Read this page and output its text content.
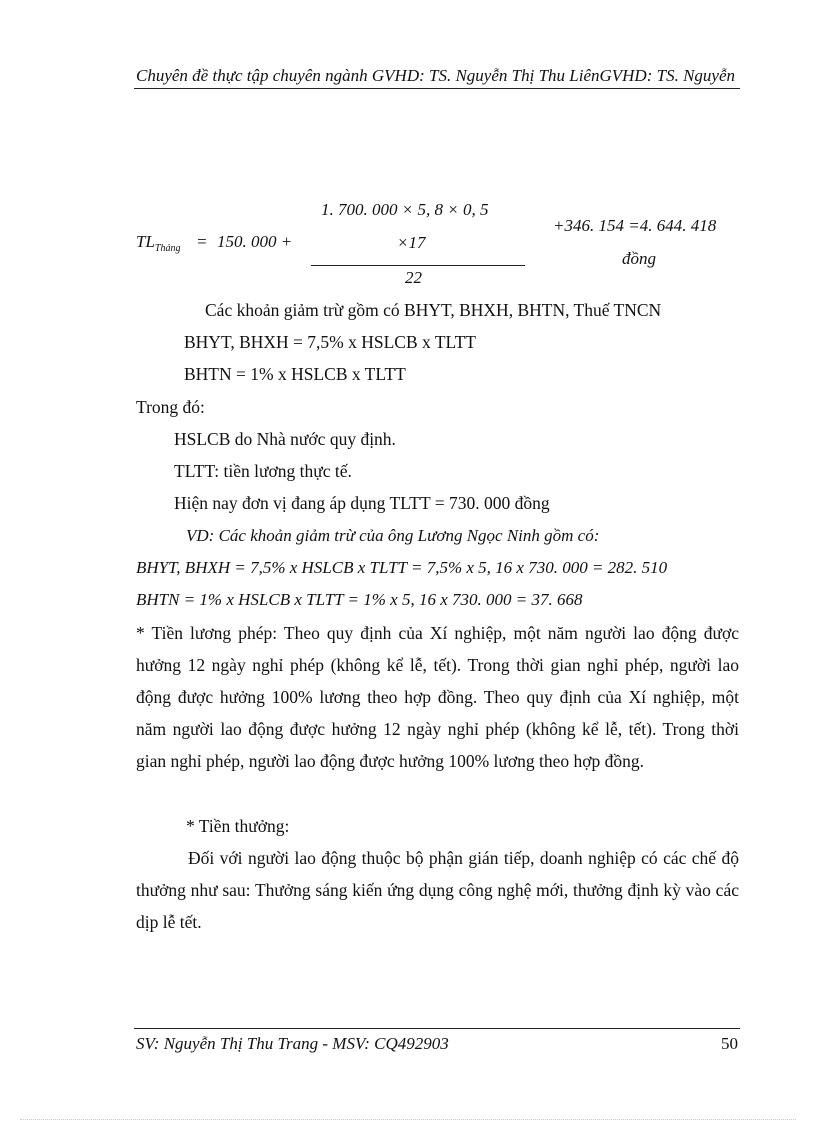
Chuyên đề thực tập chuyên ngành GVHD: TS. Nguyễn Thị Thu LiênGVHD: TS. Nguyễn
$TL_{Tháng} = 150$. 000 +
1. 700. 000 × 5, 8 × 0, 5
×17
22
+346. 154 =4. 644. 418
đồng
Các khoản giảm trừ gồm có BHYT, BHXH, BHTN, Thuế TNCN
BHYT, BHXH = 7,5% x HSLCB x TLTT
BHTN = 1% x HSLCB x TLTT
Trong đó:
HSLCB do Nhà nước quy định.
TLTT: tiền lương thực tế.
Hiện nay đơn vị đang áp dụng TLTT = 730. 000 đồng
VD: Các khoản giảm trừ của ông Lương Ngọc Ninh gồm có:
BHYT, BHXH = 7,5% x HSLCB x TLTT = 7,5% x 5, 16 x 730. 000 = 282. 510
BHTN = 1% x HSLCB x TLTT = 1% x 5, 16 x 730. 000 = 37. 668
* Tiền lương phép: Theo quy định của Xí nghiệp, một năm người lao động được hưởng 12 ngày nghỉ phép (không kể lễ, tết). Trong thời gian nghỉ phép, người lao động được hưởng 100% lương theo hợp đồng. Theo quy định của Xí nghiệp, một năm người lao động được hưởng 12 ngày nghỉ phép (không kể lễ, tết). Trong thời gian nghỉ phép, người lao động được hưởng 100% lương theo hợp đồng.
* Tiền thưởng:
Đối với người lao động thuộc bộ phận gián tiếp, doanh nghiệp có các chế độ thưởng như sau: Thưởng sáng kiến ứng dụng công nghệ mới, thưởng định kỳ vào các dịp lễ tết.
SV: Nguyễn Thị Thu Trang - MSV: CQ492903	50
